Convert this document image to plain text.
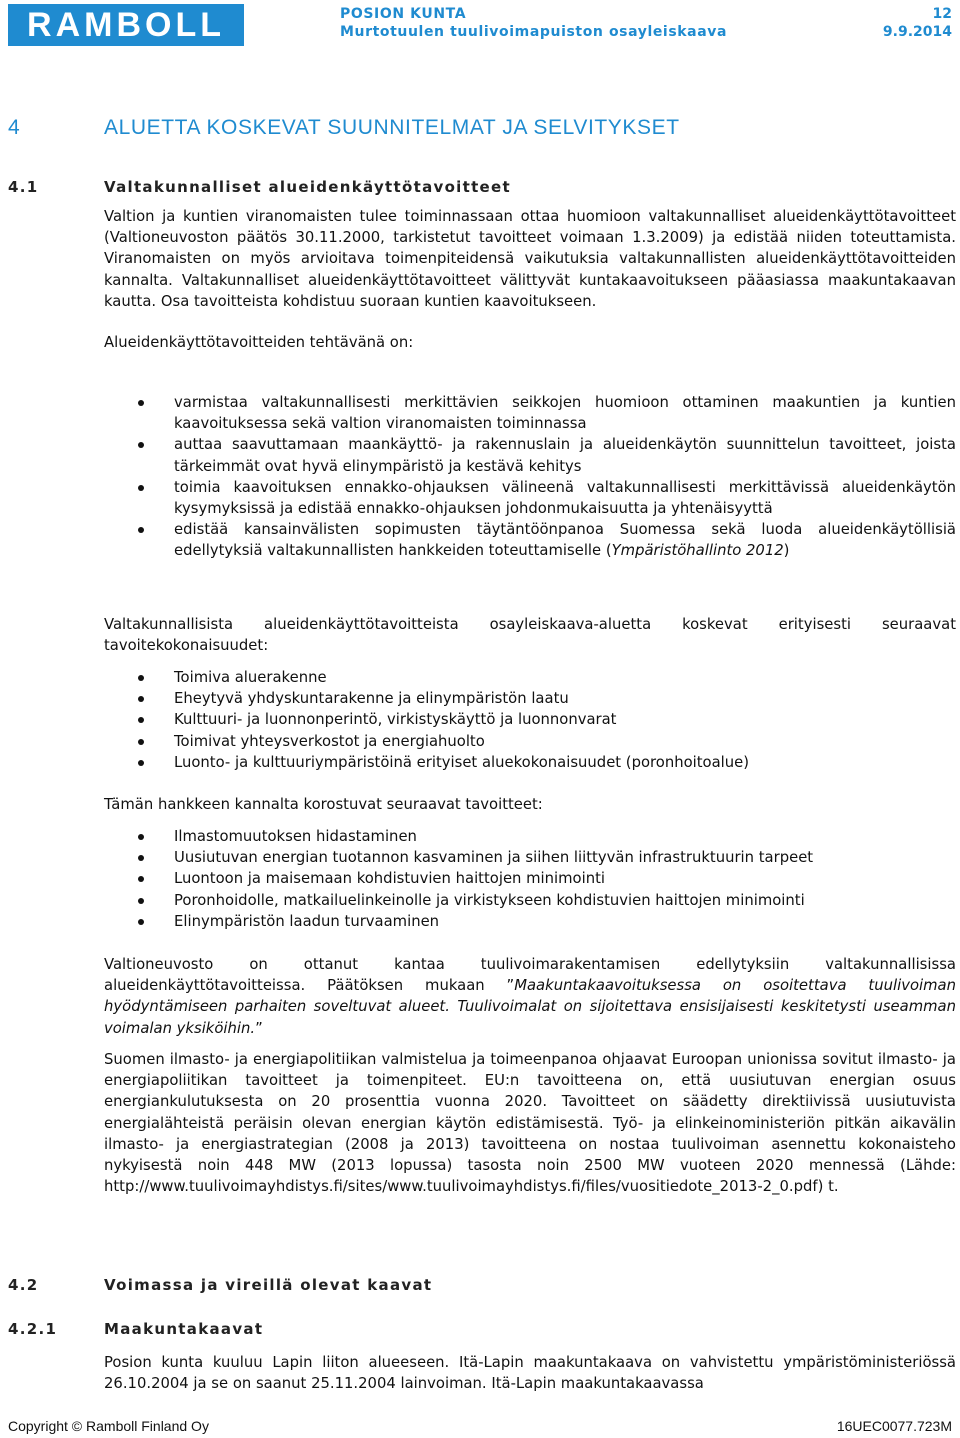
RAMBOLL	POSION KUNTA
Murtotuulen tuulivoimapuiston osayleiskaava
12
9.9.2014
4	ALUETTA KOSKEVAT SUUNNITELMAT JA SELVITYKSET
4.1	Valtakunnalliset alueidenkäyttötavoitteet

Valtion ja kuntien viranomaisten tulee toiminnassaan ottaa huomioon valtakunnalliset alueidenkäyttötavoitteet (Valtioneuvoston päätös 30.11.2000, tarkistetut tavoitteet voimaan 1.3.2009) ja edistää niiden toteuttamista. Viranomaisten on myös arvioitava toimenpiteidensä vaikutuksia valtakunnallisten alueidenkäyttötavoitteiden kannalta. Valtakunnalliset alueidenkäyttötavoitteet välittyvät kuntakaavoitukseen pääasiassa maakuntakaavan kautta. Osa tavoitteista kohdistuu suoraan kuntien kaavoitukseen.

Alueidenkäyttötavoitteiden tehtävänä on:

varmistaa valtakunnallisesti merkittävien seikkojen huomioon ottaminen maakuntien ja kuntien kaavoituksessa sekä valtion viranomaisten toiminnassa
auttaa saavuttamaan maankäyttö- ja rakennuslain ja alueidenkäytön suunnittelun tavoitteet, joista tärkeimmät ovat hyvä elinympäristö ja kestävä kehitys
toimia kaavoituksen ennakko-ohjauksen välineenä valtakunnallisesti merkittävissä alueidenkäytön kysymyksissä ja edistää ennakko-ohjauksen johdonmukaisuutta ja yhtenäisyyttä
edistää kansainvälisten sopimusten täytäntöönpanoa Suomessa sekä luoda alueidenkäytöllisiä edellytyksiä valtakunnallisten hankkeiden toteuttamiselle (Ympäristöhallinto 2012)

Valtakunnallisista alueidenkäyttötavoitteista osayleiskaava-aluetta koskevat erityisesti seuraavat tavoitekokonaisuudet:

Toimiva aluerakenne
Eheytyvä yhdyskuntarakenne ja elinympäristön laatu
Kulttuuri- ja luonnonperintö, virkistyskäyttö ja luonnonvarat
Toimivat yhteysverkostot ja energiahuolto
Luonto- ja kulttuuriympäristöinä erityiset aluekokonaisuudet (poronhoitoalue)

Tämän hankkeen kannalta korostuvat seuraavat tavoitteet:

Ilmastomuutoksen hidastaminen
Uusiutuvan energian tuotannon kasvaminen ja siihen liittyvän infrastruktuurin tarpeet
Luontoon ja maisemaan kohdistuvien haittojen minimointi
Poronhoidolle, matkailuelinkeinolle ja virkistykseen kohdistuvien haittojen minimointi
Elinympäristön laadun turvaaminen

Valtioneuvosto on ottanut kantaa tuulivoimarakentamisen edellytyksiin valtakunnallisissa alueidenkäyttötavoitteissa. Päätöksen mukaan ”Maakuntakaavoituksessa on osoitettava tuulivoiman hyödyntämiseen parhaiten soveltuvat alueet. Tuulivoimalat on sijoitettava ensisijaisesti keskitetysti useamman voimalan yksiköihin.”

Suomen ilmasto- ja energiapolitiikan valmistelua ja toimeenpanoa ohjaavat Euroopan unionissa sovitut ilmasto- ja energiapoliitikan tavoitteet ja toimenpiteet. EU:n tavoitteena on, että uusiutuvan energian osuus energiankulutuksesta on 20 prosenttia vuonna 2020. Tavoitteet on säädetty direktiivissä uusiutuvista energialähteistä peräisin olevan energian käytön edistämisestä. Työ- ja elinkeinoministeriön pitkän aikavälin ilmasto- ja energiastrategian (2008 ja 2013) tavoitteena on nostaa tuulivoiman asennettu kokonaisteho nykyisestä noin 448 MW (2013 lopussa) tasosta noin 2500 MW vuoteen 2020 mennessä (Lähde: http://www.tuulivoimayhdistys.fi/sites/www.tuulivoimayhdistys.fi/files/vuositiedote_2013-2_0.pdf) t.

4.2	Voimassa ja vireillä olevat kaavat
4.2.1	Maakuntakaavat

Posion kunta kuuluu Lapin liiton alueeseen. Itä-Lapin maakuntakaava on vahvistettu ympäristöministeriössä 26.10.2004 ja se on saanut 25.11.2004 lainvoiman. Itä-Lapin maakuntakaavassa

Copyright © Ramboll Finland Oy	16UEC0077.723M
